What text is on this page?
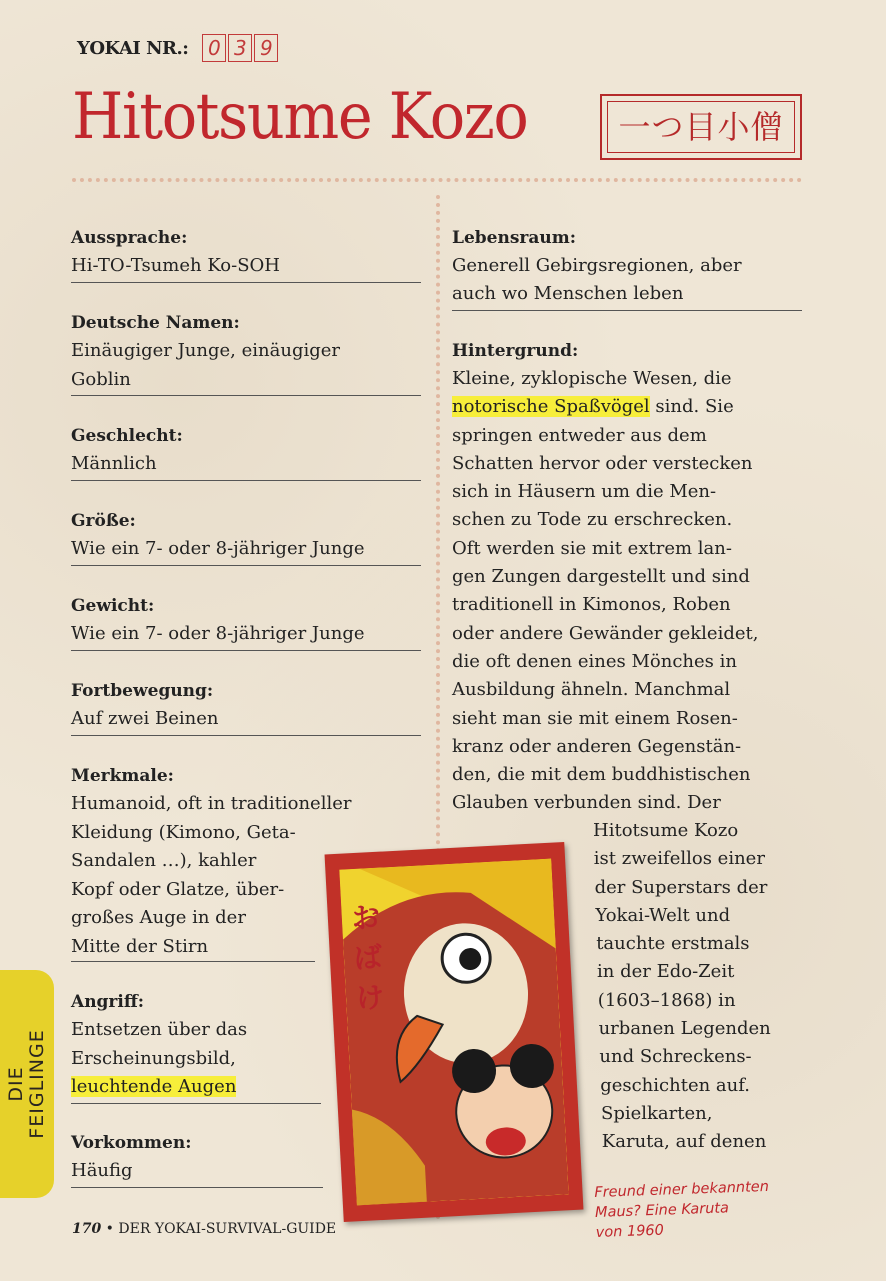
YOKAI NR.: 0 3 9
Hitotsume Kozo	一つ目小僧
Aussprache:
Hi-TO-Tsumeh Ko-SOH
Deutsche Namen:
Einäugiger Junge, einäugiger
Goblin
Geschlecht:
Männlich
Größe:
Wie ein 7- oder 8-jähriger Junge
Gewicht:
Wie ein 7- oder 8-jähriger Junge
Fortbewegung:
Auf zwei Beinen
Merkmale:
Humanoid, oft in traditioneller
Kleidung (Kimono, Geta-
Sandalen …), kahler
Kopf oder Glatze, über-
großes Auge in der
Mitte der Stirn
Angriff:
Entsetzen über das
Erscheinungsbild,
leuchtende Augen
Vorkommen:
Häufig
Lebensraum:
Generell Gebirgsregionen, aber
auch wo Menschen leben
Hintergrund:
Kleine, zyklopische Wesen, die
notorische Spaßvögel sind. Sie
springen entweder aus dem
Schatten hervor oder verstecken
sich in Häusern um die Men-
schen zu Tode zu erschrecken.
Oft werden sie mit extrem lan-
gen Zungen dargestellt und sind
traditionell in Kimonos, Roben
oder andere Gewänder gekleidet,
die oft denen eines Mönches in
Ausbildung ähneln. Manchmal
sieht man sie mit einem Rosen-
kranz oder anderen Gegenstän-
den, die mit dem buddhistischen
Glauben verbunden sind. Der
Hitotsume Kozo
ist zweifellos einer
der Superstars der
Yokai-Welt und
tauchte erstmals
in der Edo-Zeit
(1603–1868) in
urbanen Legenden
und Schreckens-
geschichten auf.
Spielkarten,
Karuta, auf denen
DIE FEIGLINGE
おばけ
Freund einer bekannten
Maus? Eine Karuta
von 1960
170 • DER YOKAI-SURVIVAL-GUIDE
